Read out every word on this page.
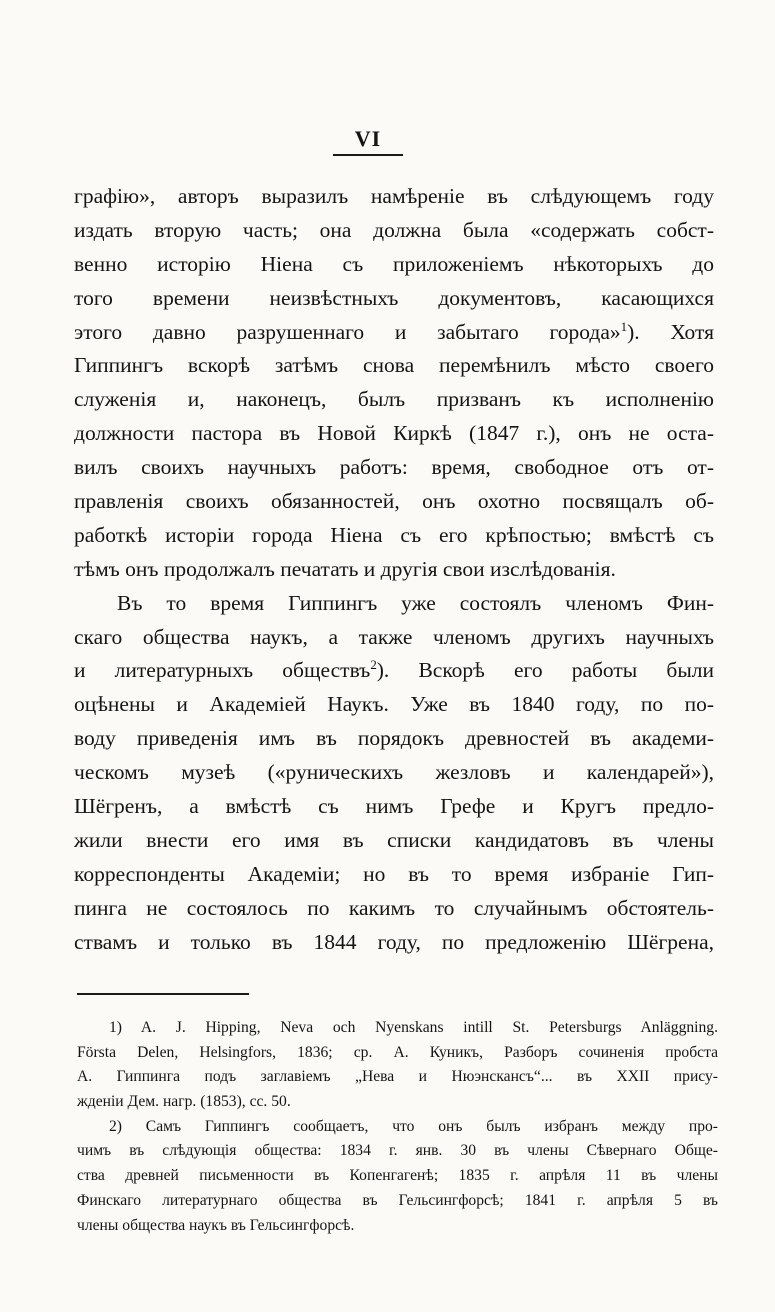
VI
графію», авторъ выразилъ намѣреніе въ слѣдующемъ году
издать вторую часть; она должна была «содержать собст-
венно исторію Ніена съ приложеніемъ нѣкоторыхъ до
того времени неизвѣстныхъ документовъ, касающихся
этого давно разрушеннаго и забытаго города»$^1$). Хотя
Гиппингъ вскорѣ затѣмъ снова перемѣнилъ мѣсто своего
служенія и, наконецъ, былъ призванъ къ исполненію
должности пастора въ Новой Киркѣ (1847 г.), онъ не оста-
вилъ своихъ научныхъ работъ: время, свободное отъ от-
правленія своихъ обязанностей, онъ охотно посвящалъ об-
работкѣ исторіи города Ніена съ его крѣпостью; вмѣстѣ съ
тѣмъ онъ продолжалъ печатать и другія свои изслѣдованія.
Въ то время Гиппингъ уже состоялъ членомъ Фин-
скаго общества наукъ, а также членомъ другихъ научныхъ
и литературныхъ обществъ$^2$). Вскорѣ его работы были
оцѣнены и Академіей Наукъ. Уже въ 1840 году, по по-
воду приведенія имъ въ порядокъ древностей въ академи-
ческомъ музеѣ («руническихъ жезловъ и календарей»),
Шёгренъ, а вмѣстѣ съ нимъ Грефе и Кругъ предло-
жили внести его имя въ списки кандидатовъ въ члены
корреспонденты Академіи; но въ то время избраніе Гип-
пинга не состоялось по какимъ то случайнымъ обстоятель-
ствамъ и только въ 1844 году, по предложенію Шёгрена,
1) A. J. Hipping, Neva och Nyenskans intill St. Petersburgs Anläggning.
Första Delen, Helsingfors, 1836; ср. А. Куникъ, Разборъ сочиненія пробста
А. Гиппинга подъ заглавіемъ „Нева и Нюэнскансъ“... въ XXII прису-
жденіи Дем. нагр. (1853), сс. 50.
2) Самъ Гиппингъ сообщаетъ, что онъ былъ избранъ между про-
чимъ въ слѣдующія общества: 1834 г. янв. 30 въ члены Сѣвернаго Обще-
ства древней письменности въ Копенгагенѣ; 1835 г. апрѣля 11 въ члены
Финскаго литературнаго общества въ Гельсингфорсѣ; 1841 г. апрѣля 5 въ
члены общества наукъ въ Гельсингфорсѣ.
